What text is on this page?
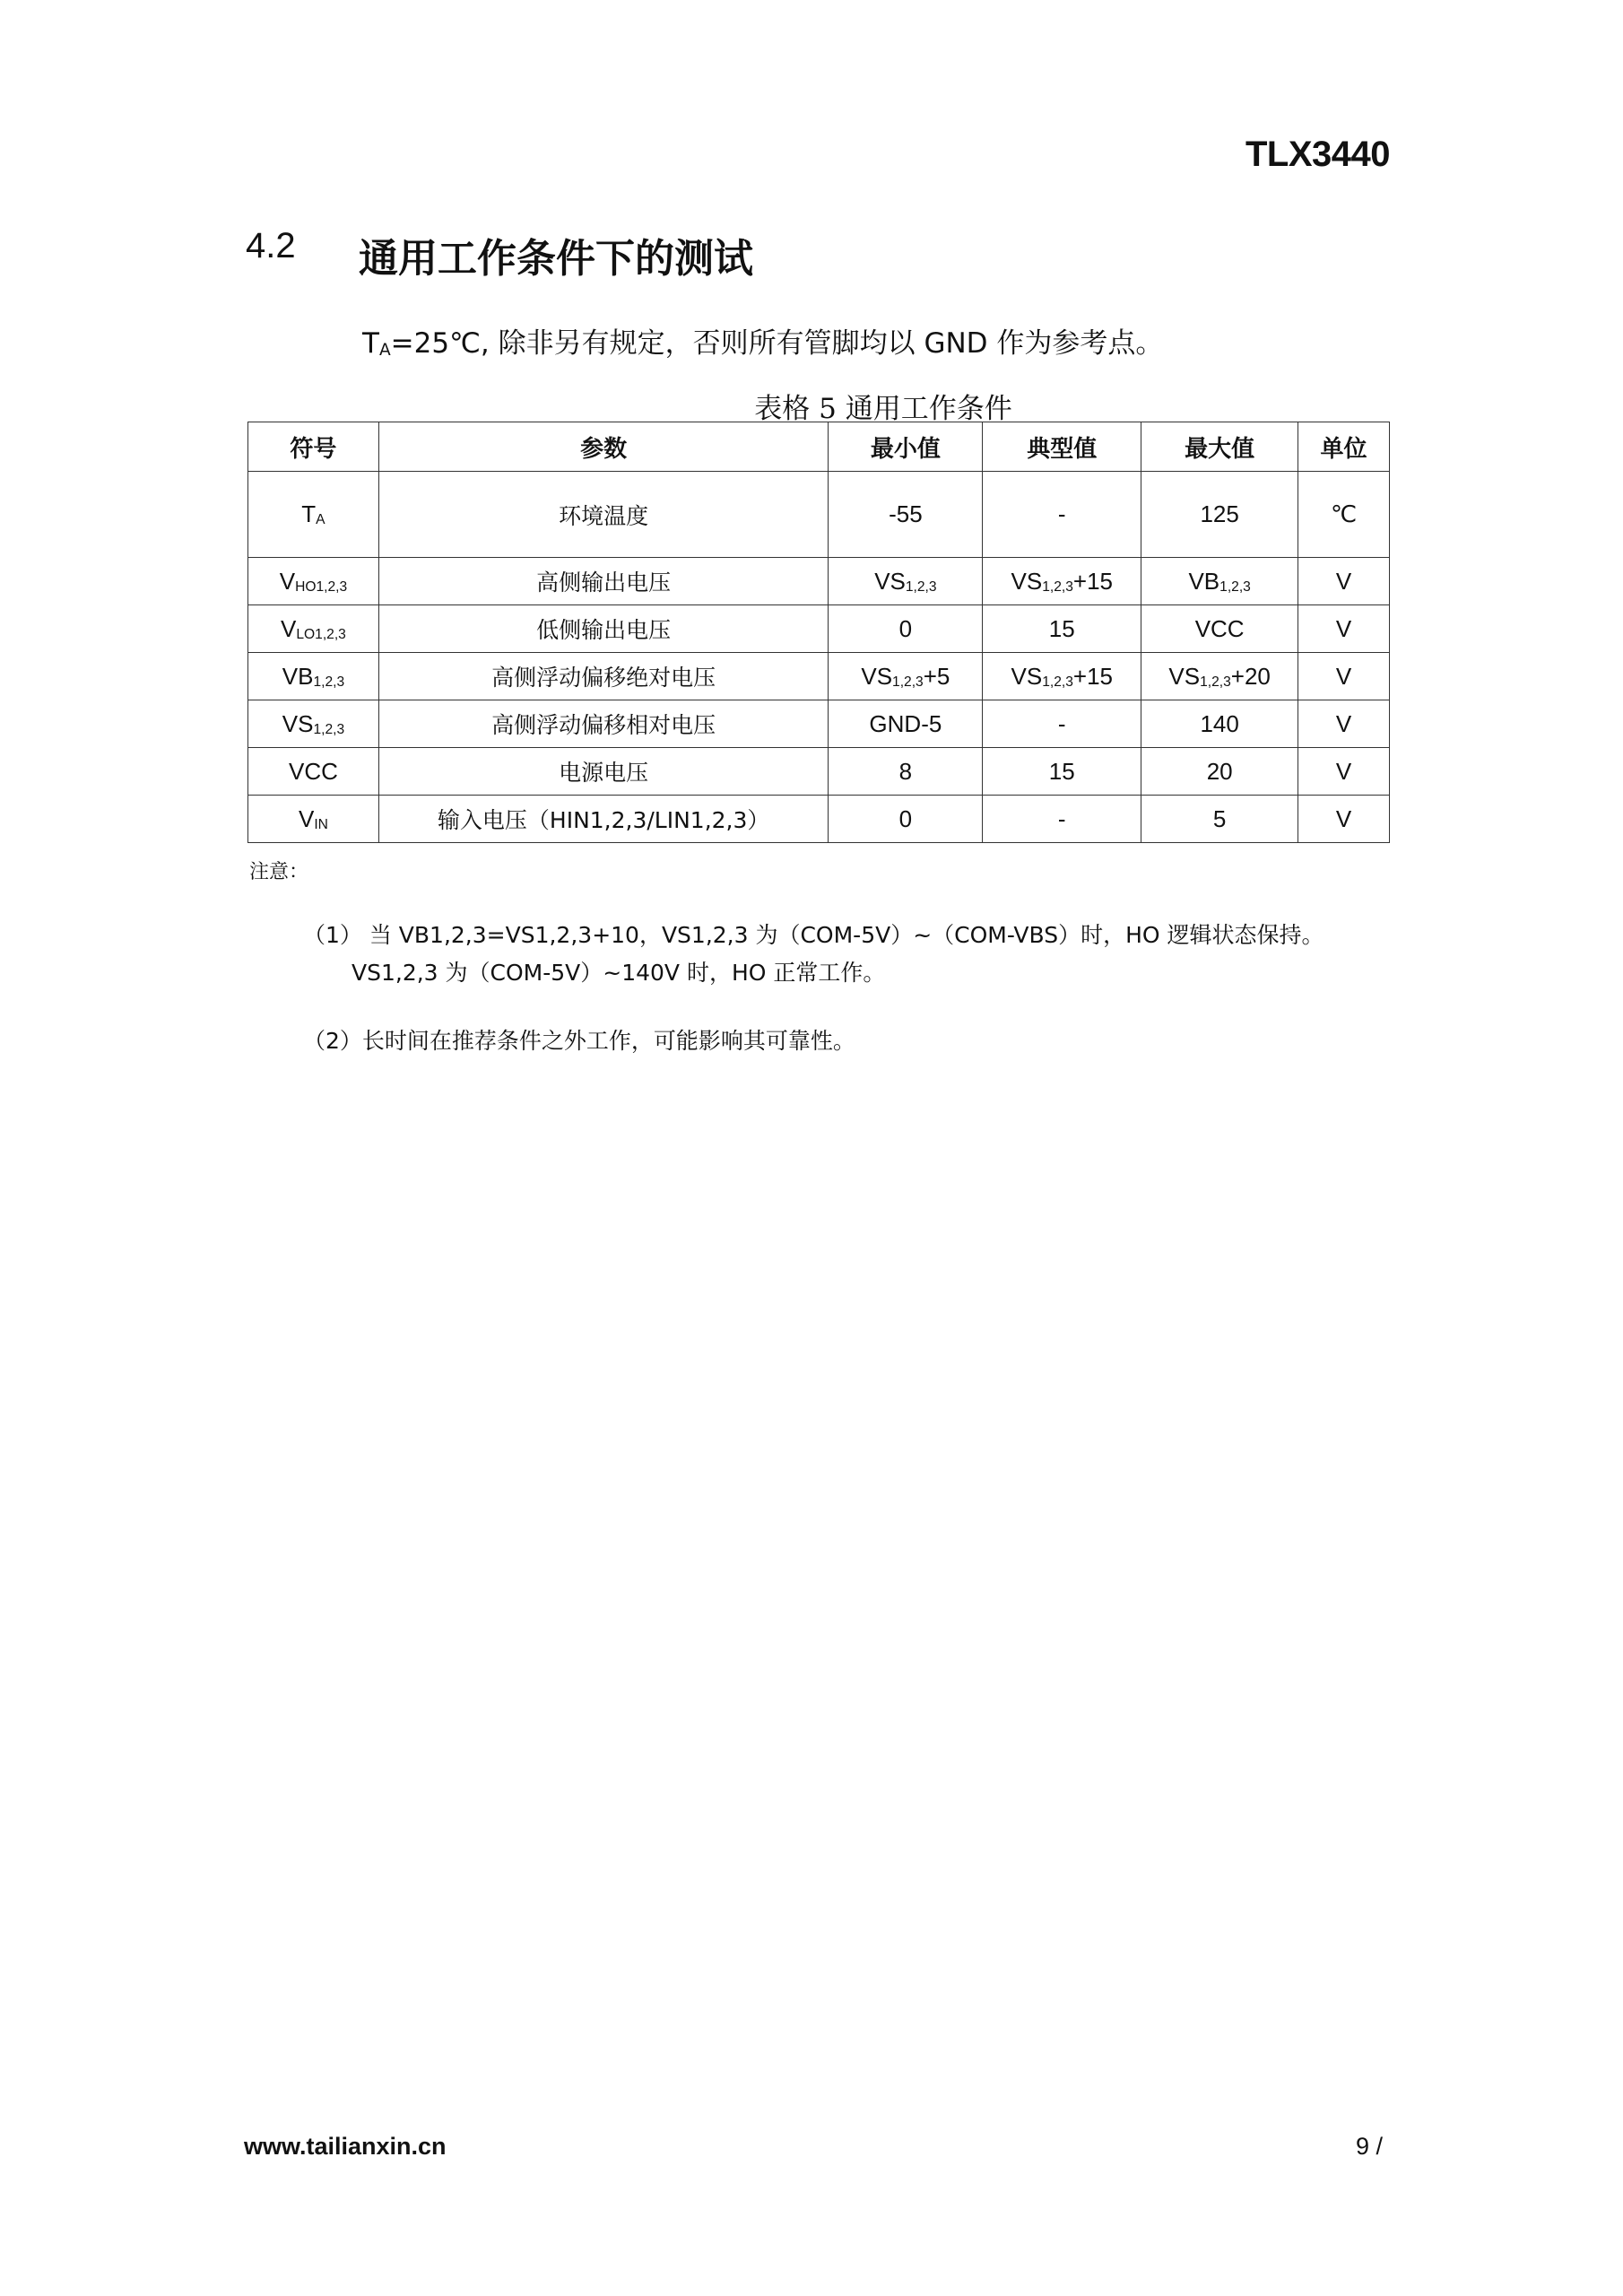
TLX3440
4.2 通用工作条件下的测试
$T_A=25℃$, 除非另有规定，否则所有管脚均以 GND 作为参考点。
表格 5 通用工作条件
符号	参数	最小值	典型值	最大值	单位
$T_A$	环境温度	-55	-	125	℃
$V_{HO1,2,3}$	高侧输出电压	$VS_{1,2,3}$	$VS_{1,2,3}+15$	$VB_{1,2,3}$	V
$V_{LO1,2,3}$	低侧输出电压	0	15	VCC	V
$VB_{1,2,3}$	高侧浮动偏移绝对电压	$VS_{1,2,3}+5$	$VS_{1,2,3}+15$	$VS_{1,2,3}+20$	V
$VS_{1,2,3}$	高侧浮动偏移相对电压	GND-5	-	140	V
VCC	电源电压	8	15	20	V
$V_{IN}$	输入电压（HIN1,2,3/LIN1,2,3）	0	-	5	V
注意：
（1） 当 VB1,2,3=VS1,2,3+10，VS1,2,3 为（COM-5V）~（COM-VBS）时，HO 逻辑状态保持。
VS1,2,3 为（COM-5V）~140V 时，HO 正常工作。
（2）长时间在推荐条件之外工作，可能影响其可靠性。
www.tailianxin.cn	9 /
